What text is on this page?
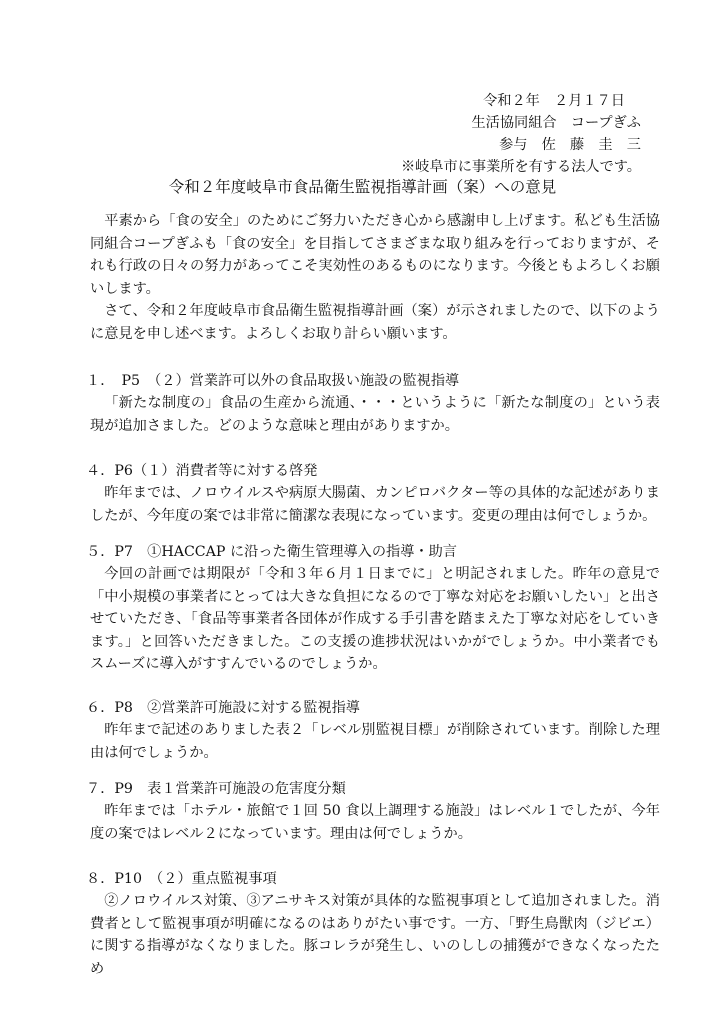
令和２年　２月１７日
生活協同組合　コープぎふ
参与　佐　藤　圭　三
※岐阜市に事業所を有する法人です。
令和２年度岐阜市食品衛生監視指導計画（案）への意見

平素から「食の安全」のためにご努力いただき心から感謝申し上げます。私ども生活協同組合コープぎふも「食の安全」を目指してさまざまな取り組みを行っておりますが、それも行政の日々の努力があってこそ実効性のあるものになります。今後ともよろしくお願いします。

さて、令和２年度岐阜市食品衛生監視指導計画（案）が示されましたので、以下のように意見を申し述べます。よろしくお取り計らい願います。

１．　P5　（２）営業許可以外の食品取扱い施設の監視指導

「新たな制度の」食品の生産から流通、・・・というように「新たな制度の」という表現が追加さました。どのような意味と理由がありますか。

４．P6（１）消費者等に対する啓発

昨年までは、ノロウイルスや病原大腸菌、カンピロバクター等の具体的な記述がありましたが、今年度の案では非常に簡潔な表現になっています。変更の理由は何でしょうか。

５．P7　①HACCAP に沿った衛生管理導入の指導・助言

今回の計画では期限が「令和３年６月１日までに」と明記されました。昨年の意見で「中小規模の事業者にとっては大きな負担になるので丁寧な対応をお願いしたい」と出させていただき、「食品等事業者各団体が作成する手引書を踏まえた丁寧な対応をしていきます。」と回答いただきました。この支援の進捗状況はいかがでしょうか。中小業者でもスムーズに導入がすすんでいるのでしょうか。

６．P8　②営業許可施設に対する監視指導

昨年まで記述のありました表２「レベル別監視目標」が削除されています。削除した理由は何でしょうか。

７．P9　表１営業許可施設の危害度分類

昨年までは「ホテル・旅館で１回 50 食以上調理する施設」はレベル１でしたが、今年度の案ではレベル２になっています。理由は何でしょうか。

８．P10　（２）重点監視事項

②ノロウイルス対策、③アニサキス対策が具体的な監視事項として追加されました。消費者として監視事項が明確になるのはありがたい事です。一方、「野生鳥獣肉（ジビエ）に関する指導がなくなりました。豚コレラが発生し、いのししの捕獲ができなくなったため
